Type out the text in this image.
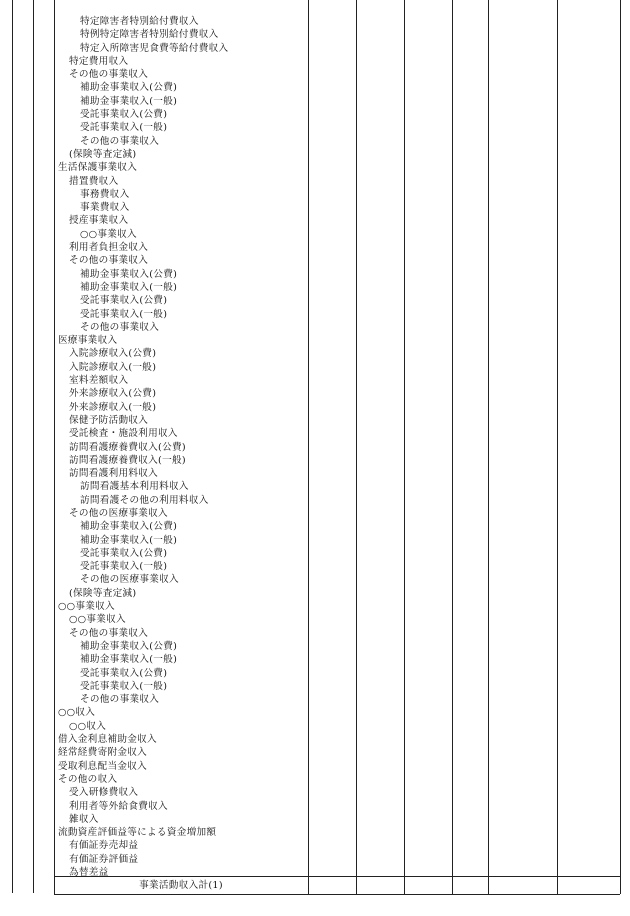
特定障害者特別給付費収入
特例特定障害者特別給付費収入
特定入所障害児食費等給付費収入
特定費用収入
その他の事業収入
補助金事業収入(公費)
補助金事業収入(一般)
受託事業収入(公費)
受託事業収入(一般)
その他の事業収入
(保険等査定減)
生活保護事業収入
措置費収入
事務費収入
事業費収入
授産事業収入
○○事業収入
利用者負担金収入
その他の事業収入
補助金事業収入(公費)
補助金事業収入(一般)
受託事業収入(公費)
受託事業収入(一般)
その他の事業収入
医療事業収入
入院診療収入(公費)
入院診療収入(一般)
室料差額収入
外来診療収入(公費)
外来診療収入(一般)
保健予防活動収入
受託検査・施設利用収入
訪問看護療養費収入(公費)
訪問看護療養費収入(一般)
訪問看護利用料収入
訪問看護基本利用料収入
訪問看護その他の利用料収入
その他の医療事業収入
補助金事業収入(公費)
補助金事業収入(一般)
受託事業収入(公費)
受託事業収入(一般)
その他の医療事業収入
(保険等査定減)
○○事業収入
○○事業収入
その他の事業収入
補助金事業収入(公費)
補助金事業収入(一般)
受託事業収入(公費)
受託事業収入(一般)
その他の事業収入
○○収入
○○収入
借入金利息補助金収入
経常経費寄附金収入
受取利息配当金収入
その他の収入
受入研修費収入
利用者等外給食費収入
雑収入
流動資産評価益等による資金増加額
有価証券売却益
有価証券評価益
為替差益
事業活動収入計(1)
